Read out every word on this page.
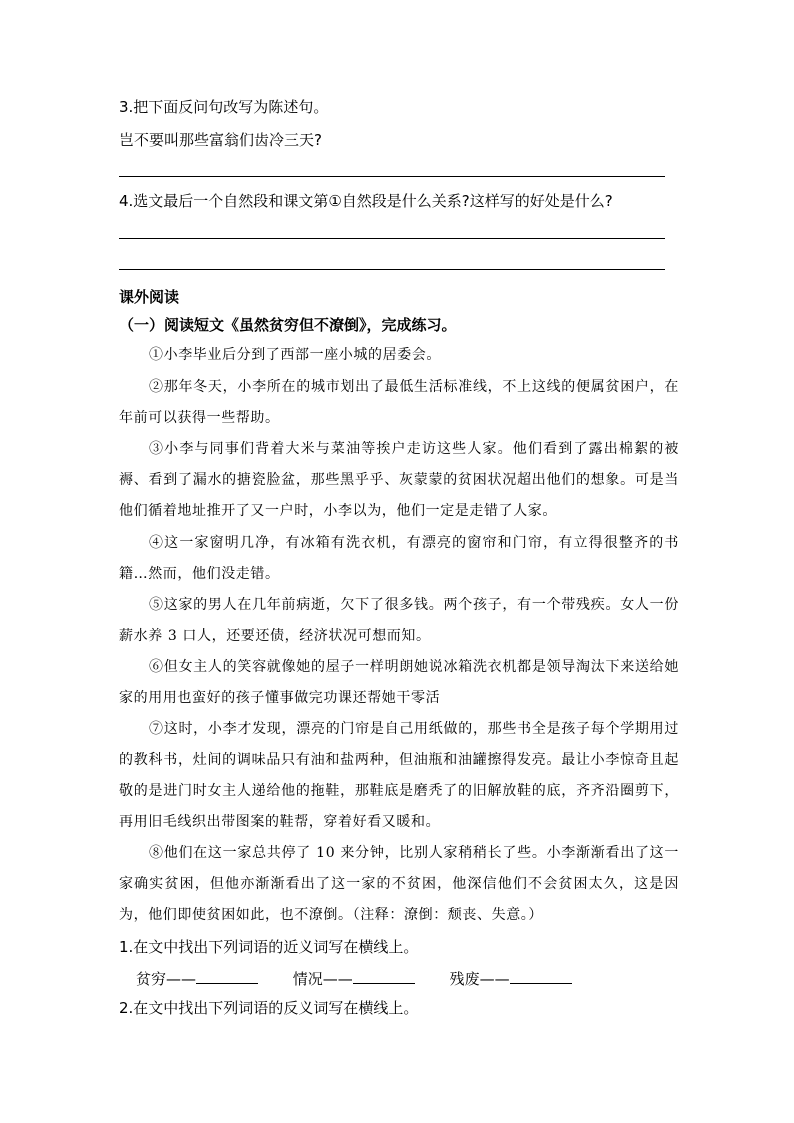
3.把下面反问句改写为陈述句。
岂不要叫那些富翁们齿冷三天?
4.选文最后一个自然段和课文第①自然段是什么关系?这样写的好处是什么?
课外阅读
（一）阅读短文《虽然贫穷但不潦倒》，完成练习。
①小李毕业后分到了西部一座小城的居委会。
②那年冬天，小李所在的城市划出了最低生活标准线，不上这线的便属贫困户，在年前可以获得一些帮助。
③小李与同事们背着大米与菜油等挨户走访这些人家。他们看到了露出棉絮的被褥、看到了漏水的搪瓷脸盆，那些黑乎乎、灰蒙蒙的贫困状况超出他们的想象。可是当他们循着地址推开了又一户时，小李以为，他们一定是走错了人家。
④这一家窗明几净，有冰箱有洗衣机，有漂亮的窗帘和门帘，有立得很整齐的书籍…然而，他们没走错。
⑤这家的男人在几年前病逝，欠下了很多钱。两个孩子，有一个带残疾。女人一份薪水养 3 口人，还要还债，经济状况可想而知。
⑥但女主人的笑容就像她的屋子一样明朗她说冰箱洗衣机都是领导淘汰下来送给她家的用用也蛮好的孩子懂事做完功课还帮她干零活
⑦这时，小李才发现，漂亮的门帘是自己用纸做的，那些书全是孩子每个学期用过的教科书，灶间的调味品只有油和盐两种，但油瓶和油罐擦得发亮。最让小李惊奇且起敬的是进门时女主人递给他的拖鞋，那鞋底是磨秃了的旧解放鞋的底，齐齐沿圈剪下，再用旧毛线织出带图案的鞋帮，穿着好看又暖和。
⑧他们在这一家总共停了 10 来分钟，比别人家稍稍长了些。小李渐渐看出了这一家确实贫困，但他亦渐渐看出了这一家的不贫困，他深信他们不会贫困太久，这是因为，他们即使贫困如此，也不潦倒。（注释：潦倒：颓丧、失意。）
1.在文中找出下列词语的近义词写在横线上。
贫穷——	情况——	残废——
2.在文中找出下列词语的反义词写在横线上。
